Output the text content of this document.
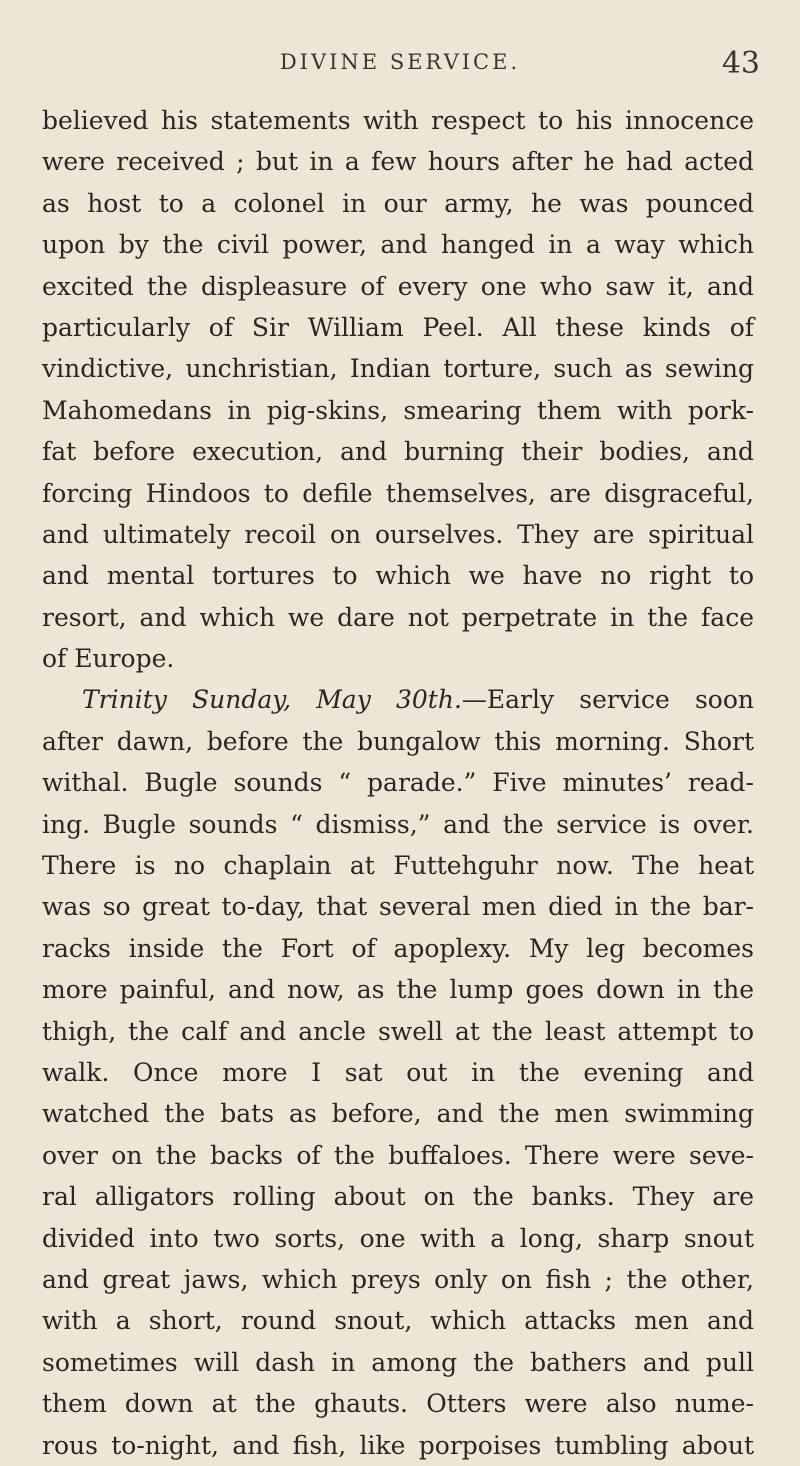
DIVINE SERVICE.	43
believed his statements with respect to his innocence
were received ; but in a few hours after he had acted
as host to a colonel in our army, he was pounced
upon by the civil power, and hanged in a way which
excited the displeasure of every one who saw it, and
particularly of Sir William Peel. All these kinds of
vindictive, unchristian, Indian torture, such as sewing
Mahomedans in pig-skins, smearing them with pork-
fat before execution, and burning their bodies, and
forcing Hindoos to defile themselves, are disgraceful,
and ultimately recoil on ourselves. They are spiritual
and mental tortures to which we have no right to
resort, and which we dare not perpetrate in the face
of Europe.
Trinity Sunday, May 30th.—Early service soon
after dawn, before the bungalow this morning. Short
withal. Bugle sounds “ parade.” Five minutes’ read-
ing. Bugle sounds “ dismiss,” and the service is over.
There is no chaplain at Futtehguhr now. The heat
was so great to-day, that several men died in the bar-
racks inside the Fort of apoplexy. My leg becomes
more painful, and now, as the lump goes down in the
thigh, the calf and ancle swell at the least attempt to
walk. Once more I sat out in the evening and
watched the bats as before, and the men swimming
over on the backs of the buffaloes. There were seve-
ral alligators rolling about on the banks. They are
divided into two sorts, one with a long, sharp snout
and great jaws, which preys only on fish ; the other,
with a short, round snout, which attacks men and
sometimes will dash in among the bathers and pull
them down at the ghauts. Otters were also nume-
rous to-night, and fish, like porpoises tumbling about
